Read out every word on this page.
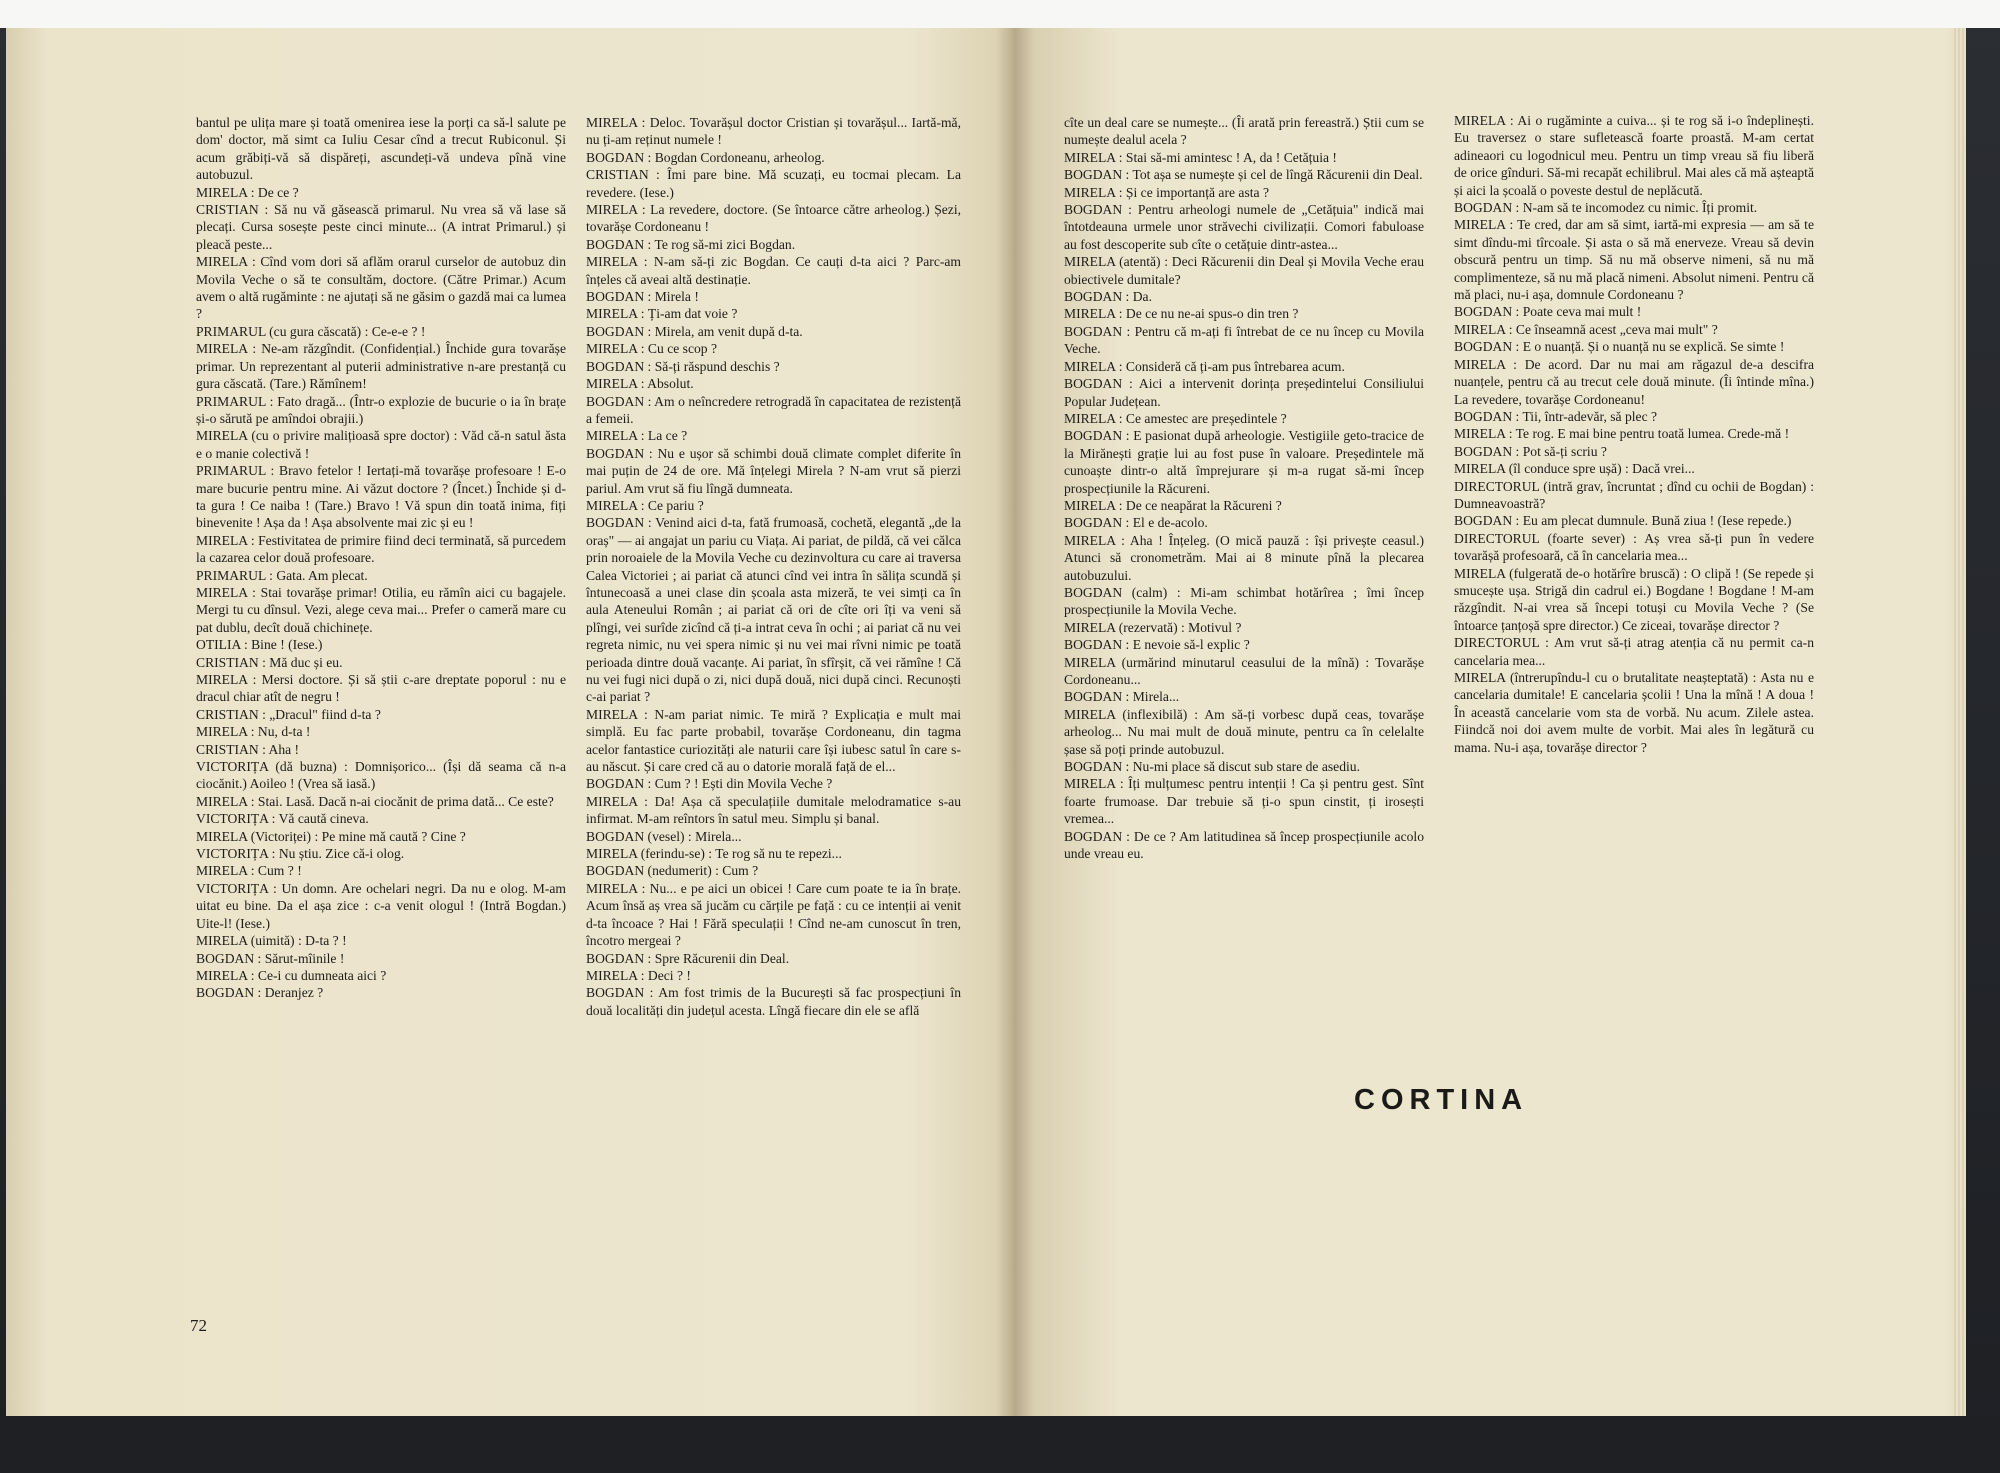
bantul pe ulița mare și toată omenirea iese la porți ca să-l salute pe dom' doctor, mă simt ca Iuliu Cesar cînd a trecut Rubiconul. Și acum grăbiți-vă să dispăreți, ascundeți-vă undeva pînă vine autobuzul.

MIRELA : De ce ?

CRISTIAN : Să nu vă găsească primarul. Nu vrea să vă lase să plecați. Cursa sosește peste cinci minute... (A intrat Primarul.) și pleacă peste...

MIRELA : Cînd vom dori să aflăm orarul curselor de autobuz din Movila Veche o să te consultăm, doctore. (Către Primar.) Acum avem o altă rugăminte : ne ajutați să ne găsim o gazdă mai ca lumea ?

PRIMARUL (cu gura căscată) : Ce-e-e ? !

MIRELA : Ne-am răzgîndit. (Confidențial.) Închide gura tovarășe primar. Un reprezentant al puterii administrative n-are prestanță cu gura căscată. (Tare.) Rămînem!

PRIMARUL : Fato dragă... (Într-o explozie de bucurie o ia în brațe și-o sărută pe amîndoi obrajii.)

MIRELA (cu o privire malițioasă spre doctor) : Văd că-n satul ăsta e o manie colectivă !

PRIMARUL : Bravo fetelor ! Iertați-mă tovarășe profesoare ! E-o mare bucurie pentru mine. Ai văzut doctore ? (Încet.) Închide și d-ta gura ! Ce naiba ! (Tare.) Bravo ! Vă spun din toată inima, fiți binevenite ! Așa da ! Așa absolvente mai zic și eu !

MIRELA : Festivitatea de primire fiind deci terminată, să purcedem la cazarea celor două profesoare.

PRIMARUL : Gata. Am plecat.

MIRELA : Stai tovarășe primar! Otilia, eu rămîn aici cu bagajele. Mergi tu cu dînsul. Vezi, alege ceva mai... Prefer o cameră mare cu pat dublu, decît două chichinețe.

OTILIA : Bine ! (Iese.)

CRISTIAN : Mă duc și eu.

MIRELA : Mersi doctore. Și să știi c-are dreptate poporul : nu e dracul chiar atît de negru !

CRISTIAN : „Dracul" fiind d-ta ?

MIRELA : Nu, d-ta !

CRISTIAN : Aha !

VICTORIȚA (dă buzna) : Domnișorico... (Își dă seama că n-a ciocănit.) Aoileo ! (Vrea să iasă.)

MIRELA : Stai. Lasă. Dacă n-ai ciocănit de prima dată... Ce este?

VICTORIȚA : Vă caută cineva.

MIRELA (Victoriței) : Pe mine mă caută ? Cine ?

VICTORIȚA : Nu știu. Zice că-i olog.

MIRELA : Cum ? !

VICTORIȚA : Un domn. Are ochelari negri. Da nu e olog. M-am uitat eu bine. Da el așa zice : c-a venit ologul ! (Intră Bogdan.) Uite-l! (Iese.)

MIRELA (uimită) : D-ta ? !

BOGDAN : Sărut-mîinile !

MIRELA : Ce-i cu dumneata aici ?

BOGDAN : Deranjez ?

MIRELA : Deloc. Tovarășul doctor Cristian și tovarășul... Iartă-mă, nu ți-am reținut numele !

BOGDAN : Bogdan Cordoneanu, arheolog.

CRISTIAN : Îmi pare bine. Mă scuzați, eu tocmai plecam. La revedere. (Iese.)

MIRELA : La revedere, doctore. (Se întoarce către arheolog.) Șezi, tovarășe Cordoneanu !

BOGDAN : Te rog să-mi zici Bogdan.

MIRELA : N-am să-ți zic Bogdan. Ce cauți d-ta aici ? Parc-am înțeles că aveai altă destinație.

BOGDAN : Mirela !

MIRELA : Ți-am dat voie ?

BOGDAN : Mirela, am venit după d-ta.

MIRELA : Cu ce scop ?

BOGDAN : Să-ți răspund deschis ?

MIRELA : Absolut.

BOGDAN : Am o neîncredere retrogradă în capacitatea de rezistență a femeii.

MIRELA : La ce ?

BOGDAN : Nu e ușor să schimbi două climate complet diferite în mai puțin de 24 de ore. Mă înțelegi Mirela ? N-am vrut să pierzi pariul. Am vrut să fiu lîngă dumneata.

MIRELA : Ce pariu ?

BOGDAN : Venind aici d-ta, fată frumoasă, cochetă, elegantă „de la oraș" — ai angajat un pariu cu Viața. Ai pariat, de pildă, că vei călca prin noroaiele de la Movila Veche cu dezinvoltura cu care ai traversa Calea Victoriei ; ai pariat că atunci cînd vei intra în sălița scundă și întunecoasă a unei clase din școala asta mizeră, te vei simți ca în aula Ateneului Român ; ai pariat că ori de cîte ori îți va veni să plîngi, vei surîde zicînd că ți-a intrat ceva în ochi ; ai pariat că nu vei regreta nimic, nu vei spera nimic și nu vei mai rîvni nimic pe toată perioada dintre două vacanțe. Ai pariat, în sfîrșit, că vei rămîne ! Că nu vei fugi nici după o zi, nici după două, nici după cinci. Recunoști c-ai pariat ?

MIRELA : N-am pariat nimic. Te miră ? Explicația e mult mai simplă. Eu fac parte probabil, tovarășe Cordoneanu, din tagma acelor fantastice curiozități ale naturii care își iubesc satul în care s-au născut. Și care cred că au o datorie morală față de el...

BOGDAN : Cum ? ! Ești din Movila Veche ?

MIRELA : Da! Așa că speculațiile dumitale melodramatice s-au infirmat. M-am reîntors în satul meu. Simplu și banal.

BOGDAN (vesel) : Mirela...

MIRELA (ferindu-se) : Te rog să nu te repezi...

BOGDAN (nedumerit) : Cum ?

MIRELA : Nu... e pe aici un obicei ! Care cum poate te ia în brațe. Acum însă aș vrea să jucăm cu cărțile pe față : cu ce intenții ai venit d-ta încoace ? Hai ! Fără speculații ! Cînd ne-am cunoscut în tren, încotro mergeai ?

BOGDAN : Spre Răcurenii din Deal.

MIRELA : Deci ? !

BOGDAN : Am fost trimis de la București să fac prospecțiuni în două localități din județul acesta. Lîngă fiecare din ele se află

72

cîte un deal care se numește... (Îi arată prin fereastră.) Știi cum se numește dealul acela ?

MIRELA : Stai să-mi amintesc ! A, da ! Cetățuia !

BOGDAN : Tot așa se numește și cel de lîngă Răcurenii din Deal.

MIRELA : Și ce importanță are asta ?

BOGDAN : Pentru arheologi numele de „Cetățuia" indică mai întotdeauna urmele unor străvechi civilizații. Comori fabuloase au fost descoperite sub cîte o cetățuie dintr-astea...

MIRELA (atentă) : Deci Răcurenii din Deal și Movila Veche erau obiectivele dumitale?

BOGDAN : Da.

MIRELA : De ce nu ne-ai spus-o din tren ?

BOGDAN : Pentru că m-ați fi întrebat de ce nu încep cu Movila Veche.

MIRELA : Consideră că ți-am pus întrebarea acum.

BOGDAN : Aici a intervenit dorința președintelui Consiliului Popular Județean.

MIRELA : Ce amestec are președintele ?

BOGDAN : E pasionat după arheologie. Vestigiile geto-tracice de la Mirănești grație lui au fost puse în valoare. Președintele mă cunoaște dintr-o altă împrejurare și m-a rugat să-mi încep prospecțiunile la Răcureni.

MIRELA : De ce neapărat la Răcureni ?

BOGDAN : El e de-acolo.

MIRELA : Aha ! Înțeleg. (O mică pauză : își privește ceasul.) Atunci să cronometrăm. Mai ai 8 minute pînă la plecarea autobuzului.

BOGDAN (calm) : Mi-am schimbat hotărîrea ; îmi încep prospecțiunile la Movila Veche.

MIRELA (rezervată) : Motivul ?

BOGDAN : E nevoie să-l explic ?

MIRELA (urmărind minutarul ceasului de la mînă) : Tovarășe Cordoneanu...

BOGDAN : Mirela...

MIRELA (inflexibilă) : Am să-ți vorbesc după ceas, tovarășe arheolog... Nu mai mult de două minute, pentru ca în celelalte șase să poți prinde autobuzul.

BOGDAN : Nu-mi place să discut sub stare de asediu.

MIRELA : Îți mulțumesc pentru intenții ! Ca și pentru gest. Sînt foarte frumoase. Dar trebuie să ți-o spun cinstit, ți irosești vremea...

BOGDAN : De ce ? Am latitudinea să încep prospecțiunile acolo unde vreau eu.

MIRELA : Ai o rugăminte a cuiva... și te rog să i-o îndeplinești. Eu traversez o stare sufletească foarte proastă. M-am certat adineaori cu logodnicul meu. Pentru un timp vreau să fiu liberă de orice gînduri. Să-mi recapăt echilibrul. Mai ales că mă așteaptă și aici la școală o poveste destul de neplăcută.

BOGDAN : N-am să te incomodez cu nimic. Îți promit.

MIRELA : Te cred, dar am să simt, iartă-mi expresia — am să te simt dîndu-mi tîrcoale. Și asta o să mă enerveze. Vreau să devin obscură pentru un timp. Să nu mă observe nimeni, să nu mă complimenteze, să nu mă placă nimeni. Absolut nimeni. Pentru că mă placi, nu-i așa, domnule Cordoneanu ?

BOGDAN : Poate ceva mai mult !

MIRELA : Ce înseamnă acest „ceva mai mult" ?

BOGDAN : E o nuanță. Și o nuanță nu se explică. Se simte !

MIRELA : De acord. Dar nu mai am răgazul de-a descifra nuanțele, pentru că au trecut cele două minute. (Îi întinde mîna.) La revedere, tovarășe Cordoneanu!

BOGDAN : Tii, într-adevăr, să plec ?

MIRELA : Te rog. E mai bine pentru toată lumea. Crede-mă !

BOGDAN : Pot să-ți scriu ?

MIRELA (îl conduce spre ușă) : Dacă vrei...

DIRECTORUL (intră grav, încruntat ; dînd cu ochii de Bogdan) : Dumneavoastră?

BOGDAN : Eu am plecat dumnule. Bună ziua ! (Iese repede.)

DIRECTORUL (foarte sever) : Aș vrea să-ți pun în vedere tovarășă profesoară, că în cancelaria mea...

MIRELA (fulgerată de-o hotărîre bruscă) : O clipă ! (Se repede și smucește ușa. Strigă din cadrul ei.) Bogdane ! Bogdane ! M-am răzgîndit. N-ai vrea să începi totuși cu Movila Veche ? (Se întoarce țanțoșă spre director.) Ce ziceai, tovarășe director ?

DIRECTORUL : Am vrut să-ți atrag atenția că nu permit ca-n cancelaria mea...

MIRELA (întrerupîndu-l cu o brutalitate neașteptată) : Asta nu e cancelaria dumitale! E cancelaria școlii ! Una la mînă ! A doua ! În această cancelarie vom sta de vorbă. Nu acum. Zilele astea. Fiindcă noi doi avem multe de vorbit. Mai ales în legătură cu mama. Nu-i așa, tovarășe director ?

CORTINA
